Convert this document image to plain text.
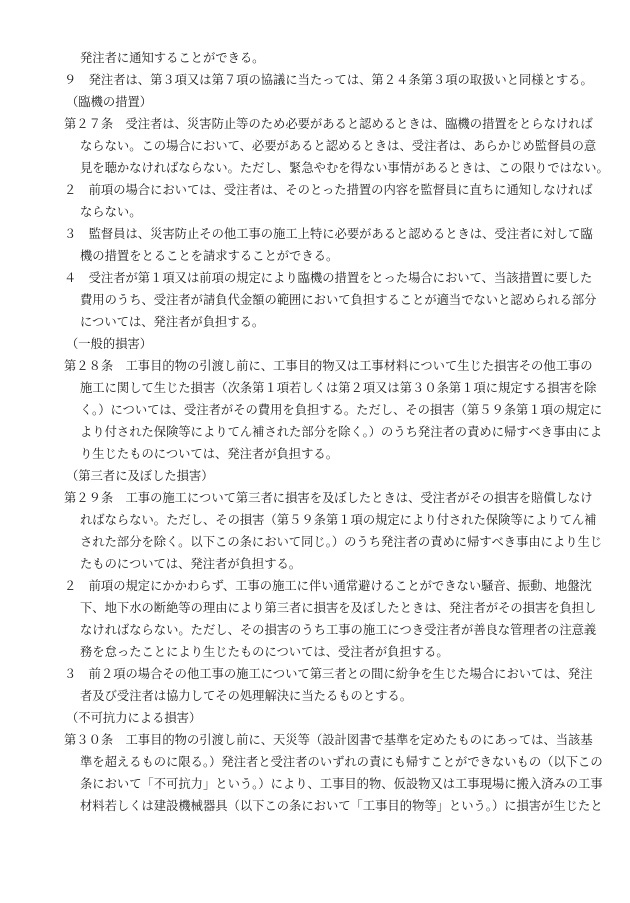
発注者に通知することができる。
９　発注者は、第３項又は第７項の協議に当たっては、第２４条第３項の取扱いと同様とする。
（臨機の措置）
第２７条　受注者は、災害防止等のため必要があると認めるときは、臨機の措置をとらなければ
ならない。この場合において、必要があると認めるときは、受注者は、あらかじめ監督員の意
見を聴かなければならない。ただし、緊急やむを得ない事情があるときは、この限りではない。
２　前項の場合においては、受注者は、そのとった措置の内容を監督員に直ちに通知しなければ
ならない。
３　監督員は、災害防止その他工事の施工上特に必要があると認めるときは、受注者に対して臨
機の措置をとることを請求することができる。
４　受注者が第１項又は前項の規定により臨機の措置をとった場合において、当該措置に要した
費用のうち、受注者が請負代金額の範囲において負担することが適当でないと認められる部分
については、発注者が負担する。
（一般的損害）
第２８条　工事目的物の引渡し前に、工事目的物又は工事材料について生じた損害その他工事の
施工に関して生じた損害（次条第１項若しくは第２項又は第３０条第１項に規定する損害を除
く。）については、受注者がその費用を負担する。ただし、その損害（第５９条第１項の規定に
より付された保険等によりてん補された部分を除く。）のうち発注者の責めに帰すべき事由によ
り生じたものについては、発注者が負担する。
（第三者に及ぼした損害）
第２９条　工事の施工について第三者に損害を及ぼしたときは、受注者がその損害を賠償しなけ
ればならない。ただし、その損害（第５９条第１項の規定により付された保険等によりてん補
された部分を除く。以下この条において同じ。）のうち発注者の責めに帰すべき事由により生じ
たものについては、発注者が負担する。
２　前項の規定にかかわらず、工事の施工に伴い通常避けることができない騒音、振動、地盤沈
下、地下水の断絶等の理由により第三者に損害を及ぼしたときは、発注者がその損害を負担し
なければならない。ただし、その損害のうち工事の施工につき受注者が善良な管理者の注意義
務を怠ったことにより生じたものについては、受注者が負担する。
３　前２項の場合その他工事の施工について第三者との間に紛争を生じた場合においては、発注
者及び受注者は協力してその処理解決に当たるものとする。
（不可抗力による損害）
第３０条　工事目的物の引渡し前に、天災等（設計図書で基準を定めたものにあっては、当該基
準を超えるものに限る。）発注者と受注者のいずれの責にも帰すことができないもの（以下この
条において「不可抗力」という。）により、工事目的物、仮設物又は工事現場に搬入済みの工事
材料若しくは建設機械器具（以下この条において「工事目的物等」という。）に損害が生じたと
